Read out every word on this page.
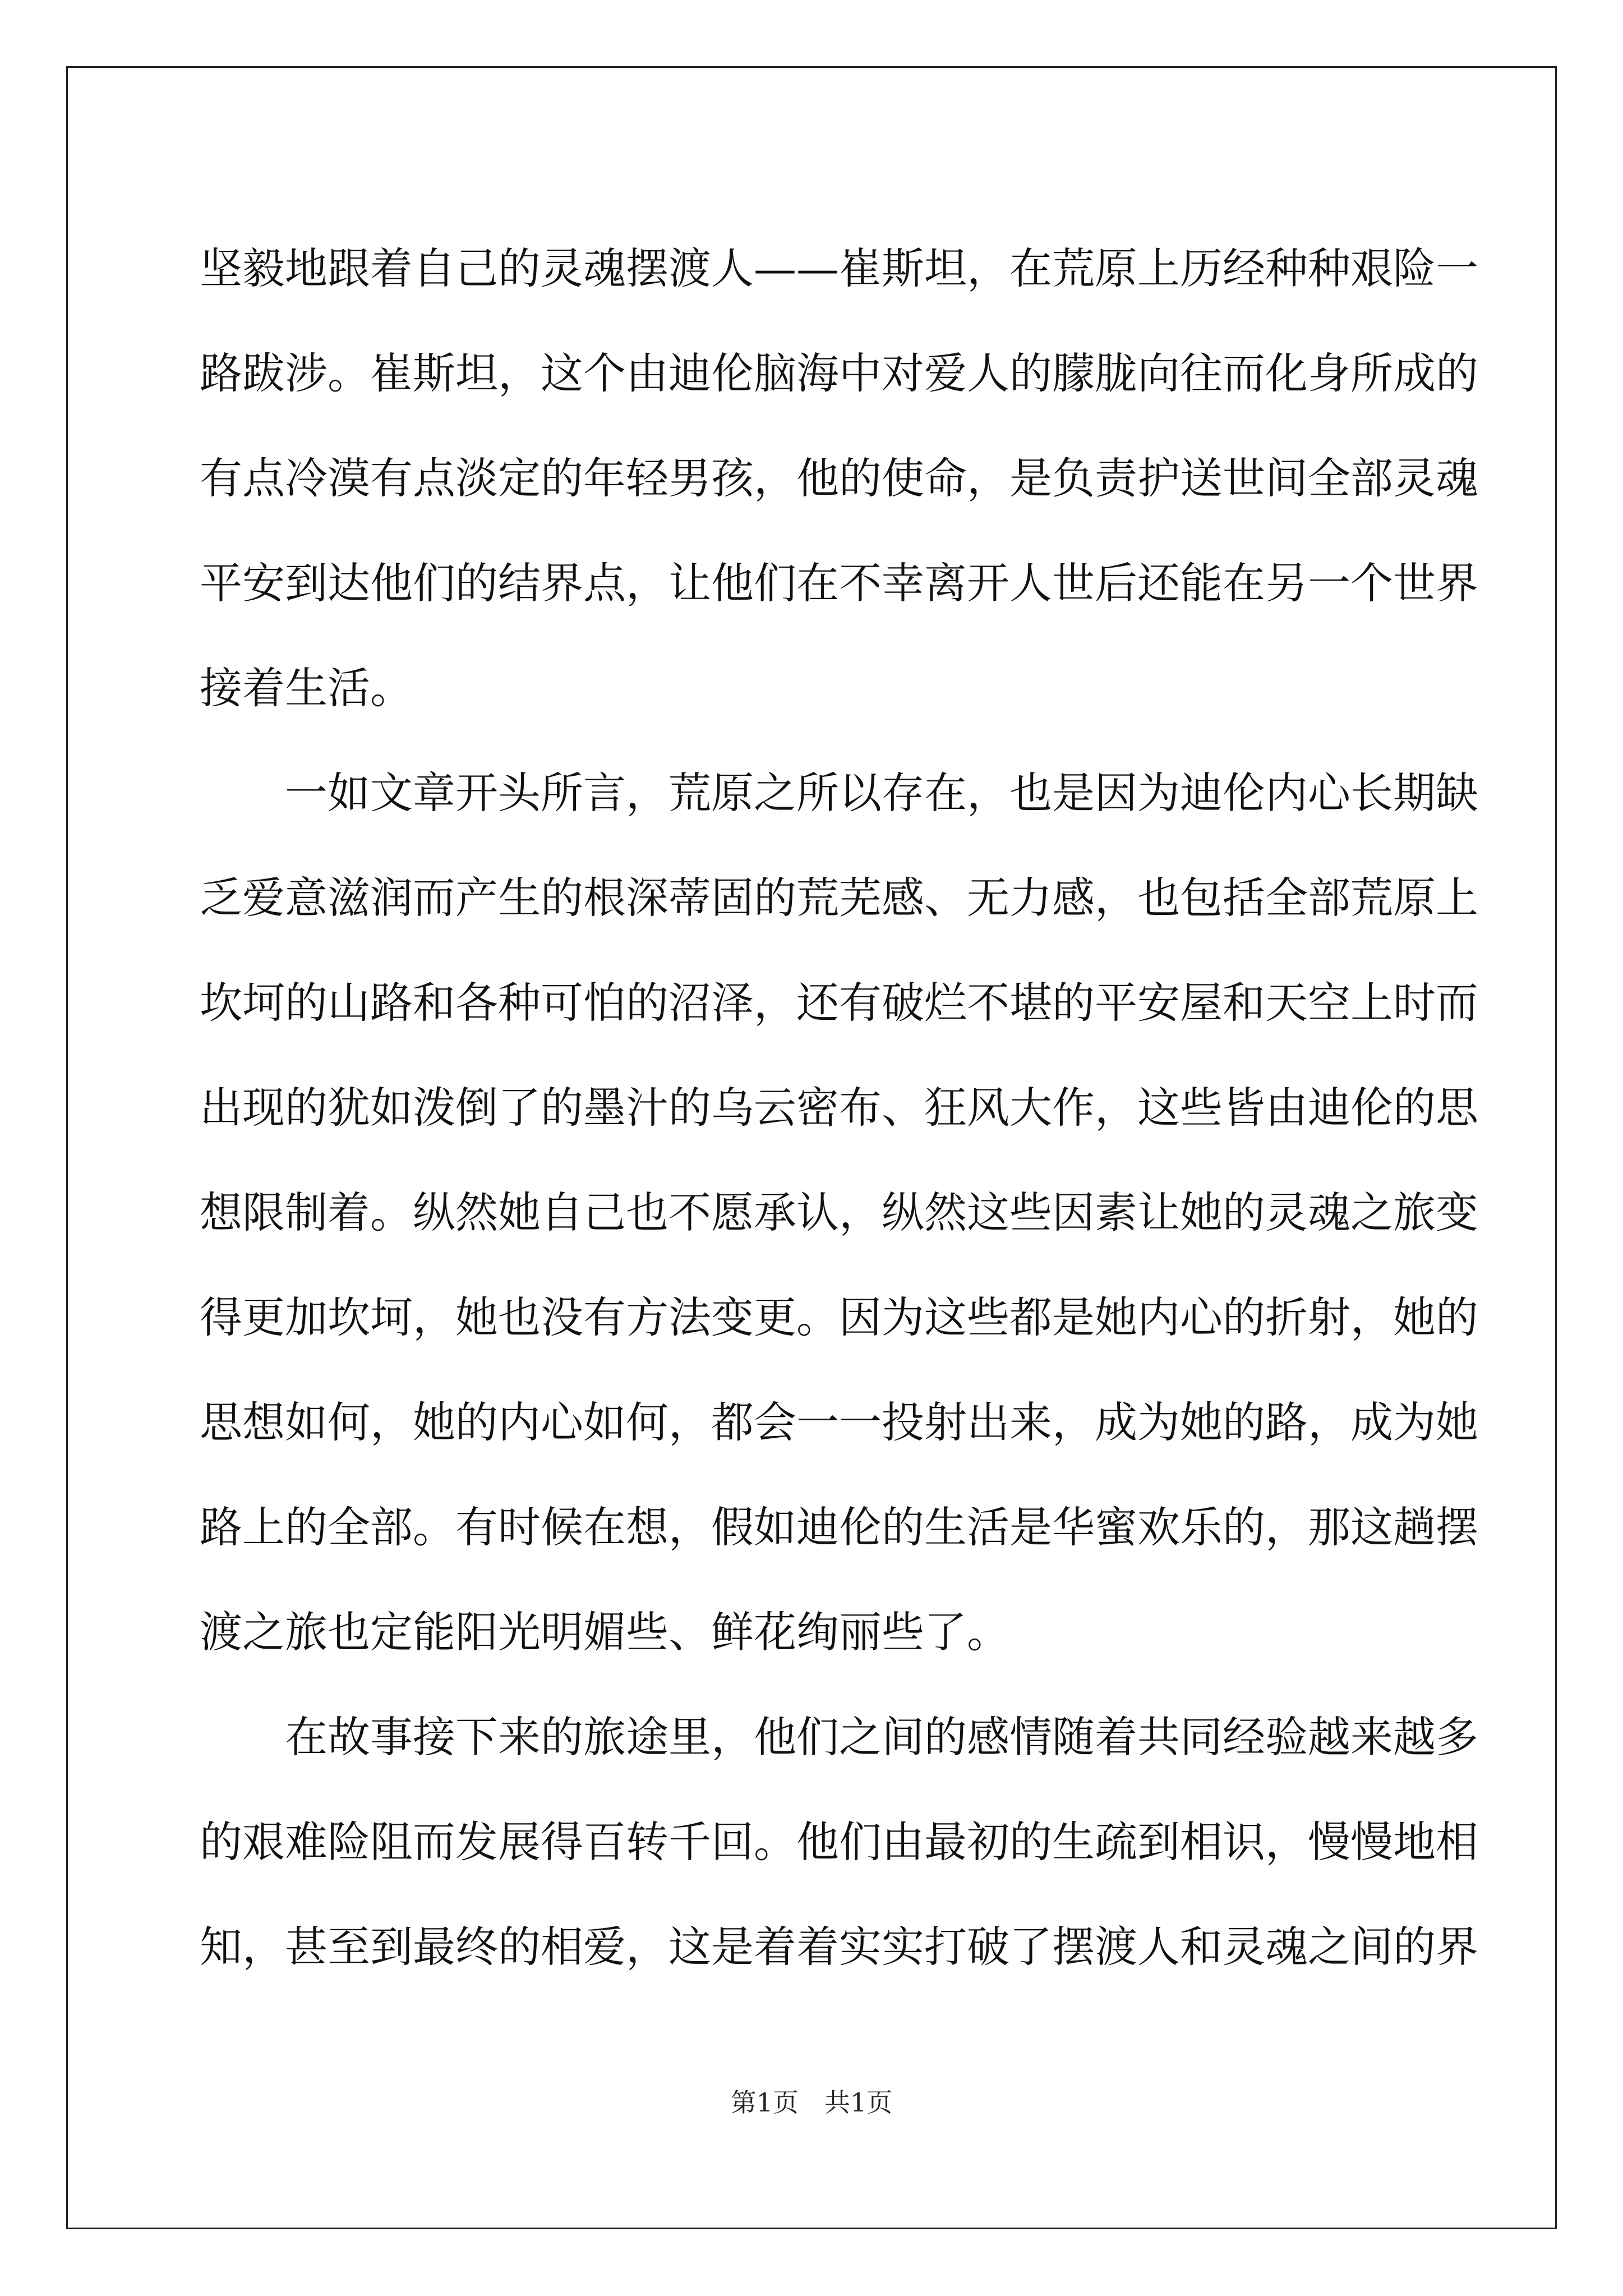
坚毅地跟着自己的灵魂摆渡人——崔斯坦，在荒原上历经种种艰险一
路跋涉。崔斯坦，这个由迪伦脑海中对爱人的朦胧向往而化身所成的
有点冷漠有点淡定的年轻男孩，他的使命，是负责护送世间全部灵魂
平安到达他们的结界点，让他们在不幸离开人世后还能在另一个世界
接着生活。
一如文章开头所言，荒原之所以存在，也是因为迪伦内心长期缺
乏爱意滋润而产生的根深蒂固的荒芜感、无力感，也包括全部荒原上
坎坷的山路和各种可怕的沼泽，还有破烂不堪的平安屋和天空上时而
出现的犹如泼倒了的墨汁的乌云密布、狂风大作，这些皆由迪伦的思
想限制着。纵然她自己也不愿承认，纵然这些因素让她的灵魂之旅变
得更加坎坷，她也没有方法变更。因为这些都是她内心的折射，她的
思想如何，她的内心如何，都会一一投射出来，成为她的路，成为她
路上的全部。有时候在想，假如迪伦的生活是华蜜欢乐的，那这趟摆
渡之旅也定能阳光明媚些、鲜花绚丽些了。
在故事接下来的旅途里，他们之间的感情随着共同经验越来越多
的艰难险阻而发展得百转千回。他们由最初的生疏到相识，慢慢地相
知，甚至到最终的相爱，这是着着实实打破了摆渡人和灵魂之间的界
第1页 共1页
